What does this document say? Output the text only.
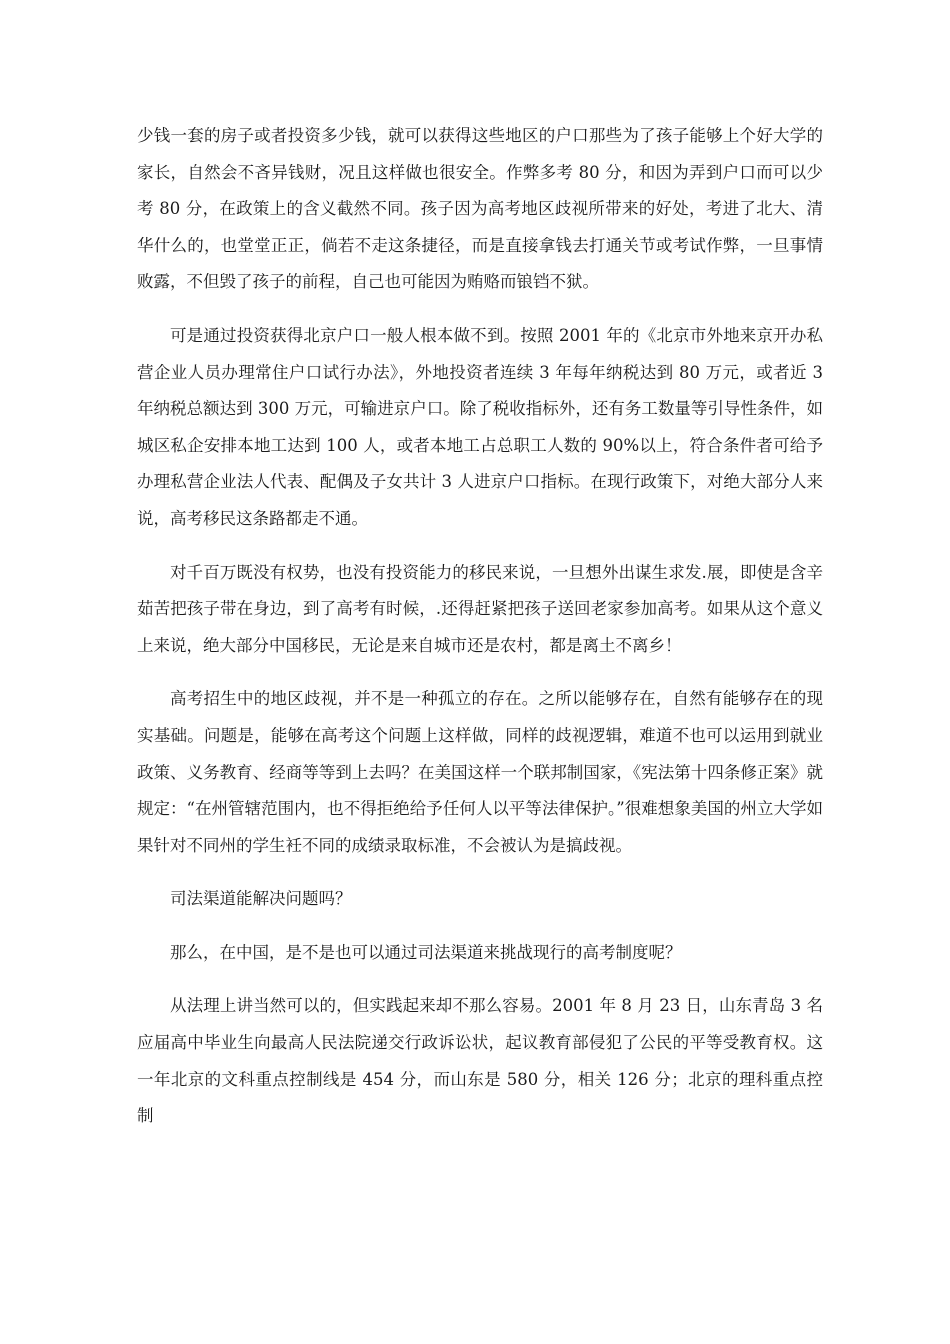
少钱一套的房子或者投资多少钱，就可以获得这些地区的户口那些为了孩子能够上个好大学的家长，自然会不吝异钱财，况且这样做也很安全。作弊多考 80 分，和因为弄到户口而可以少考 80 分，在政策上的含义截然不同。孩子因为高考地区歧视所带来的好处，考进了北大、清华什么的，也堂堂正正，倘若不走这条捷径，而是直接拿钱去打通关节或考试作弊，一旦事情败露，不但毁了孩子的前程，自己也可能因为贿赂而锒铛不狱。

可是通过投资获得北京户口一般人根本做不到。按照 2001 年的《北京市外地来京开办私营企业人员办理常住户口试行办法》，外地投资者连续 3 年每年纳税达到 80 万元，或者近 3 年纳税总额达到 300 万元，可输进京户口。除了税收指标外，还有务工数量等引导性条件，如城区私企安排本地工达到 100 人，或者本地工占总职工人数的 90%以上，符合条件者可给予办理私营企业法人代表、配偶及子女共计 3 人进京户口指标。在现行政策下，对绝大部分人来说，高考移民这条路都走不通。

对千百万既没有权势，也没有投资能力的移民来说，一旦想外出谋生求发.展，即使是含辛茹苦把孩子带在身边，到了高考有时候，.还得赶紧把孩子送回老家参加高考。如果从这个意义上来说，绝大部分中国移民，无论是来自城市还是农村，都是离土不离乡！

高考招生中的地区歧视，并不是一种孤立的存在。之所以能够存在，自然有能够存在的现实基础。问题是，能够在高考这个问题上这样做，同样的歧视逻辑，难道不也可以运用到就业政策、义务教育、经商等等到上去吗？在美国这样一个联邦制国家，《宪法第十四条修正案》就规定：“在州管辖范围内，也不得拒绝给予任何人以平等法律保护。”很难想象美国的州立大学如果针对不同州的学生衽不同的成绩录取标准，不会被认为是搞歧视。

司法渠道能解决问题吗？

那么，在中国，是不是也可以通过司法渠道来挑战现行的高考制度呢？

从法理上讲当然可以的，但实践起来却不那么容易。2001 年 8 月 23 日，山东青岛 3 名应届高中毕业生向最高人民法院递交行政诉讼状，起议教育部侵犯了公民的平等受教育权。这一年北京的文科重点控制线是 454 分，而山东是 580 分，相关 126 分；北京的理科重点控制
